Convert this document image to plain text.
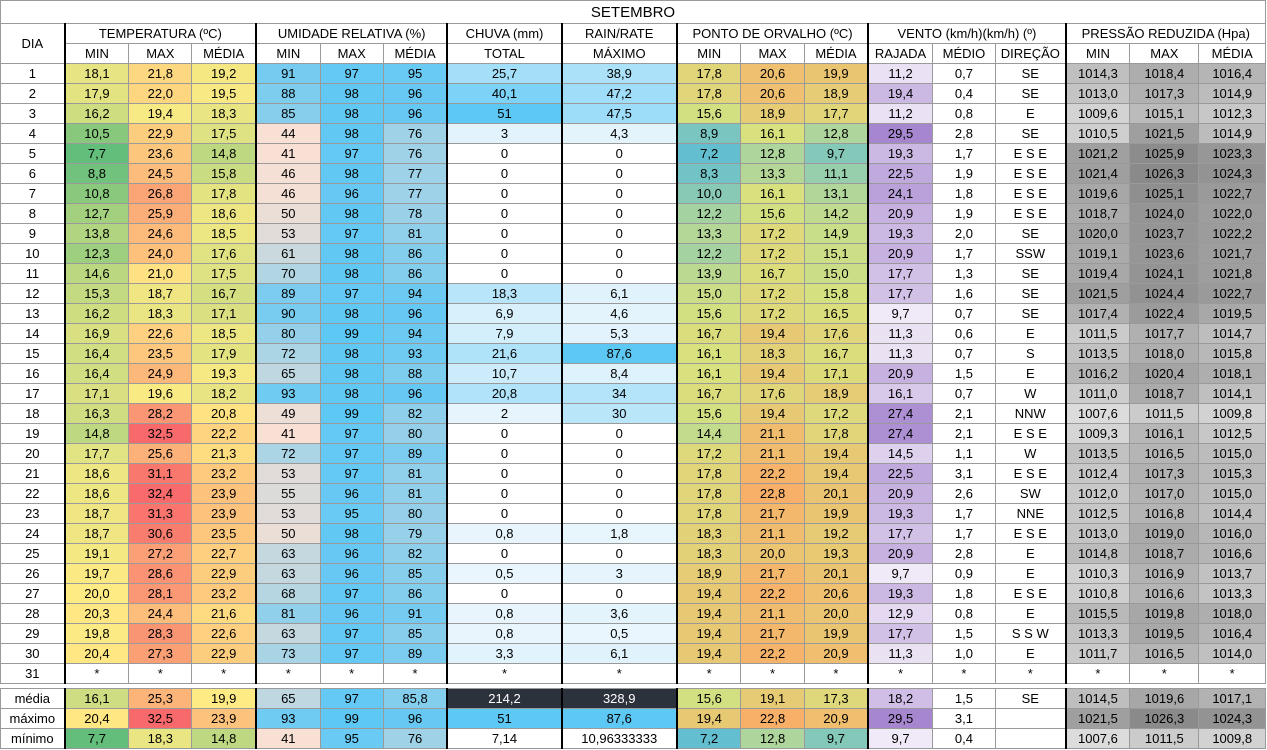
SETEMBRO																	
DIA	TEMPERATURA (ºC)			UMIDADE RELATIVA (%)			CHUVA (mm)	RAIN/RATE	PONTO DE ORVALHO (ºC)			VENTO (km/h)(km/h) (º)			PRESSÃO REDUZIDA (Hpa)		
	MIN	MAX	MÉDIA	MIN	MAX	MÉDIA	TOTAL	MÁXIMO	MIN	MAX	MÉDIA	RAJADA	MÉDIO	DIREÇÃO	MIN	MAX	MÉDIA
1	18,1	21,8	19,2	91	97	95	25,7	38,9	17,8	20,6	19,9	11,2	0,7	SE	1014,3	1018,4	1016,4
2	17,9	22,0	19,5	88	98	96	40,1	47,2	17,8	20,6	18,9	19,4	0,4	SE	1013,0	1017,3	1014,9
3	16,2	19,4	18,3	85	98	96	51	47,5	15,6	18,9	17,7	11,2	0,8	E	1009,6	1015,1	1012,3
4	10,5	22,9	17,5	44	98	76	3	4,3	8,9	16,1	12,8	29,5	2,8	SE	1010,5	1021,5	1014,9
5	7,7	23,6	14,8	41	97	76	0	0	7,2	12,8	9,7	19,3	1,7	E S E	1021,2	1025,9	1023,3
6	8,8	24,5	15,8	46	98	77	0	0	8,3	13,3	11,1	22,5	1,9	E S E	1021,4	1026,3	1024,3
7	10,8	26,8	17,8	46	96	77	0	0	10,0	16,1	13,1	24,1	1,8	E S E	1019,6	1025,1	1022,7
8	12,7	25,9	18,6	50	98	78	0	0	12,2	15,6	14,2	20,9	1,9	E S E	1018,7	1024,0	1022,0
9	13,8	24,6	18,5	53	97	81	0	0	13,3	17,2	14,9	19,3	2,0	SE	1020,0	1023,7	1022,2
10	12,3	24,0	17,6	61	98	86	0	0	12,2	17,2	15,1	20,9	1,7	SSW	1019,1	1023,6	1021,7
11	14,6	21,0	17,5	70	98	86	0	0	13,9	16,7	15,0	17,7	1,3	SE	1019,4	1024,1	1021,8
12	15,3	18,7	16,7	89	97	94	18,3	6,1	15,0	17,2	15,8	17,7	1,6	SE	1021,5	1024,4	1022,7
13	16,2	18,3	17,1	90	98	96	6,9	4,6	15,6	17,2	16,5	9,7	0,7	SE	1017,4	1022,4	1019,5
14	16,9	22,6	18,5	80	99	94	7,9	5,3	16,7	19,4	17,6	11,3	0,6	E	1011,5	1017,7	1014,7
15	16,4	23,5	17,9	72	98	93	21,6	87,6	16,1	18,3	16,7	11,3	0,7	S	1013,5	1018,0	1015,8
16	16,4	24,9	19,3	65	98	88	10,7	8,4	16,1	19,4	17,1	20,9	1,5	E	1016,2	1020,4	1018,1
17	17,1	19,6	18,2	93	98	96	20,8	34	16,7	17,6	18,9	16,1	0,7	W	1011,0	1018,7	1014,1
18	16,3	28,2	20,8	49	99	82	2	30	15,6	19,4	17,2	27,4	2,1	NNW	1007,6	1011,5	1009,8
19	14,8	32,5	22,2	41	97	80	0	0	14,4	21,1	17,8	27,4	2,1	E S E	1009,3	1016,1	1012,5
20	17,7	25,6	21,3	72	97	89	0	0	17,2	21,1	19,4	14,5	1,1	W	1013,5	1016,5	1015,0
21	18,6	31,1	23,2	53	97	81	0	0	17,8	22,2	19,4	22,5	3,1	E S E	1012,4	1017,3	1015,3
22	18,6	32,4	23,9	55	96	81	0	0	17,8	22,8	20,1	20,9	2,6	SW	1012,0	1017,0	1015,0
23	18,7	31,3	23,9	53	95	80	0	0	17,8	21,7	19,9	19,3	1,7	NNE	1012,5	1016,8	1014,4
24	18,7	30,6	23,5	50	98	79	0,8	1,8	18,3	21,1	19,2	17,7	1,7	E S E	1013,0	1019,0	1016,0
25	19,1	27,2	22,7	63	96	82	0	0	18,3	20,0	19,3	20,9	2,8	E	1014,8	1018,7	1016,6
26	19,7	28,6	22,9	63	96	85	0,5	3	18,9	21,7	20,1	9,7	0,9	E	1010,3	1016,9	1013,7
27	20,0	28,1	23,2	68	97	86	0	0	19,4	22,2	20,6	19,3	1,8	E S E	1010,8	1016,6	1013,3
28	20,3	24,4	21,6	81	96	91	0,8	3,6	19,4	21,1	20,0	12,9	0,8	E	1015,5	1019,8	1018,0
29	19,8	28,3	22,6	63	97	85	0,8	0,5	19,4	21,7	19,9	17,7	1,5	S S W	1013,3	1019,5	1016,4
30	20,4	27,3	22,9	73	97	89	3,3	6,1	19,4	22,2	20,9	11,3	1,0	E	1011,7	1016,5	1014,0
31	*	*	*	*	*	*	*	*	*	*	*	*	*	*	*	*	*

média	16,1	25,3	19,9	65	97	85,8	214,2	328,9	15,6	19,1	17,3	18,2	1,5	SE	1014,5	1019,6	1017,1
máximo	20,4	32,5	23,9	93	99	96	51	87,6	19,4	22,8	20,9	29,5	3,1		1021,5	1026,3	1024,3
mínimo	7,7	18,3	14,8	41	95	76	7,14	10,96333333	7,2	12,8	9,7	9,7	0,4		1007,6	1011,5	1009,8
